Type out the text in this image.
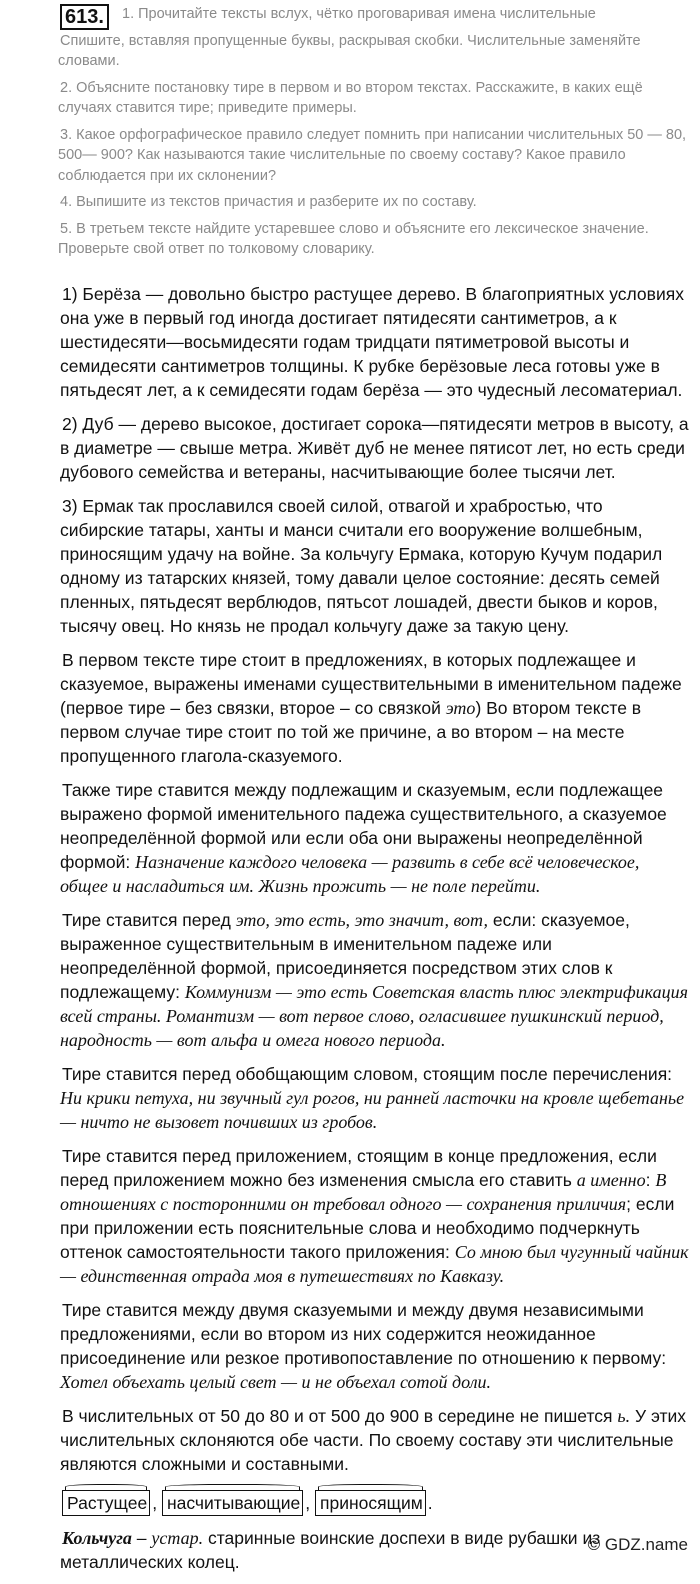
613.	1. Прочитайте тексты вслух, чётко проговаривая имена числительные

Спишите, вставляя пропущенные буквы, раскрывая скобки. Числительные заменяйте словами.

2. Объясните постановку тире в первом и во втором текстах. Расскажите, в каких ещё случаях ставится тире; приведите примеры.

3. Какое орфографическое правило следует помнить при написании числительных 50 — 80, 500— 900? Как называются такие числительные по своему составу? Какое правило соблюдается при их склонении?

4. Выпишите из текстов причастия и разберите их по составу.

5. В третьем тексте найдите устаревшее слово и объясните его лексическое значение. Проверьте свой ответ по толковому словарику.

1) Берёза — довольно быстро растущее дерево. В благоприятных условиях она уже в первый год иногда достигает пятидесяти сантиметров, а к шестидесяти—восьмидесяти годам тридцати пятиметровой высоты и семидесяти сантиметров толщины. К рубке берёзовые леса готовы уже в пятьдесят лет, а к семидесяти годам берёза — это чудесный лесоматериал.

2) Дуб — дерево высокое, достигает сорока—пятидесяти метров в высоту, а в диаметре — свыше метра. Живёт дуб не менее пятисот лет, но есть среди дубового семейства и ветераны, насчитывающие более тысячи лет.

3) Ермак так прославился своей силой, отвагой и храбростью, что сибирские татары, ханты и манси считали его вооружение волшебным, приносящим удачу на войне. За кольчугу Ермака, которую Кучум подарил одному из татарских князей, тому давали целое состояние: десять семей пленных, пятьдесят верблюдов, пятьсот лошадей, двести быков и коров, тысячу овец. Но князь не продал кольчугу даже за такую цену.

В первом тексте тире стоит в предложениях, в которых подлежащее и сказуемое, выражены именами существительными в именительном падеже (первое тире – без связки, второе – со связкой это) Во втором тексте в первом случае тире стоит по той же причине, а во втором – на месте пропущенного глагола-сказуемого.

Также тире ставится между подлежащим и сказуемым, если подлежащее выражено формой именительного падежа существительного, а сказуемое неопределённой формой или если оба они выражены неопределённой формой: Назначение каждого человека — развить в себе всё человеческое, общее и насладиться им. Жизнь прожить — не поле перейти.

Тире ставится перед это, это есть, это значит, вот, если: сказуемое, выраженное существительным в именительном падеже или неопределённой формой, присоединяется посредством этих слов к подлежащему: Коммунизм — это есть Советская власть плюс электрификация всей страны. Романтизм — вот первое слово, огласившее пушкинский период, народность — вот альфа и омега нового периода.

Тире ставится перед обобщающим словом, стоящим после перечисления: Ни крики петуха, ни звучный гул рогов, ни ранней ласточки на кровле щебетанье — ничто не вызовет почивших из гробов.

Тире ставится перед приложением, стоящим в конце предложения, если перед приложением можно без изменения смысла его ставить а именно: В отношениях с посторонними он требовал одного — сохранения приличия; если при приложении есть пояснительные слова и необходимо подчеркнуть оттенок самостоятельности такого приложения: Со мною был чугунный чайник — единственная отрада моя в путешествиях по Кавказу.

Тире ставится между двумя сказуемыми и между двумя независимыми предложениями, если во втором из них содержится неожиданное присоединение или резкое противопоставление по отношению к первому: Хотел объехать целый свет — и не объехал сотой доли.

В числительных от 50 до 80 и от 500 до 900 в середине не пишется ь. У этих числительных склоняются обе части. По своему составу эти числительные являются сложными и составными.

Растущее , насчитывающие , приносящим .

Кольчуга – устар. старинные воинские доспехи в виде рубашки из металлических колец.

© GDZ.name
